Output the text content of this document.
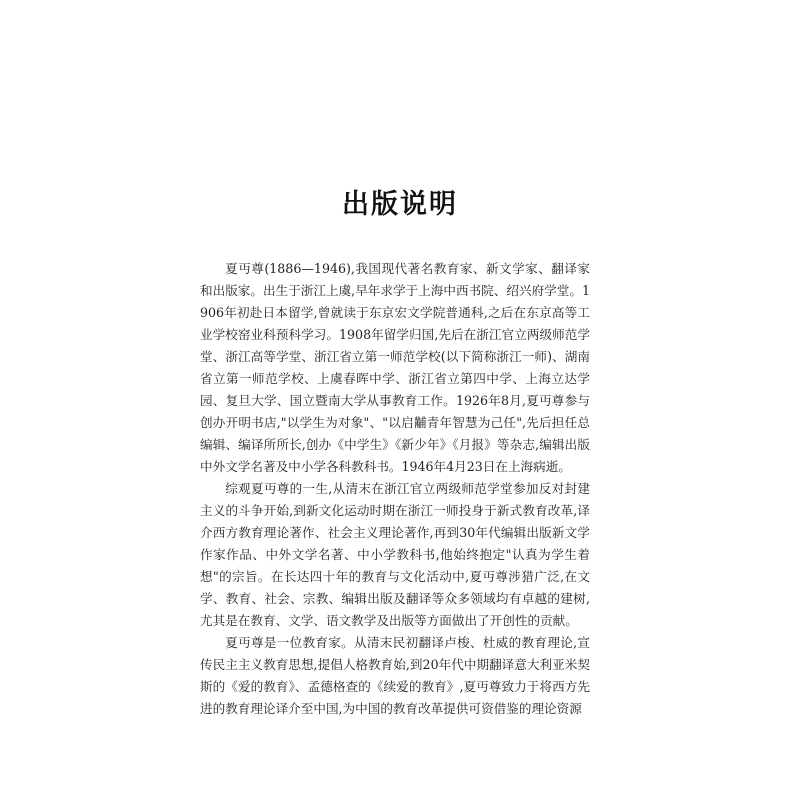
出版说明

夏丏尊(1886—1946),我国现代著名教育家、新文学家、翻译家和出版家。出生于浙江上虞,早年求学于上海中西书院、绍兴府学堂。1906年初赴日本留学,曾就读于东京宏文学院普通科,之后在东京高等工业学校窑业科预科学习。1908年留学归国,先后在浙江官立两级师范学堂、浙江高等学堂、浙江省立第一师范学校(以下简称浙江一师)、湖南省立第一师范学校、上虞春晖中学、浙江省立第四中学、上海立达学园、复旦大学、国立暨南大学从事教育工作。1926年8月,夏丏尊参与创办开明书店,"以学生为对象"、"以启黼青年智慧为己任",先后担任总编辑、编译所所长,创办《中学生》《新少年》《月报》等杂志,编辑出版中外文学名著及中小学各科教科书。1946年4月23日在上海病逝。

综观夏丏尊的一生,从清末在浙江官立两级师范学堂参加反对封建主义的斗争开始,到新文化运动时期在浙江一师投身于新式教育改革,译介西方教育理论著作、社会主义理论著作,再到30年代编辑出版新文学作家作品、中外文学名著、中小学教科书,他始终抱定"认真为学生着想"的宗旨。在长达四十年的教育与文化活动中,夏丏尊涉猎广泛,在文学、教育、社会、宗教、编辑出版及翻译等众多领域均有卓越的建树,尤其是在教育、文学、语文教学及出版等方面做出了开创性的贡献。

夏丏尊是一位教育家。从清末民初翻译卢梭、杜威的教育理论,宣传民主主义教育思想,提倡人格教育始,到20年代中期翻译意大利亚米契斯的《爱的教育》、孟德格查的《续爱的教育》,夏丏尊致力于将西方先进的教育理论译介至中国,为中国的教育改革提供可资借鉴的理论资源
